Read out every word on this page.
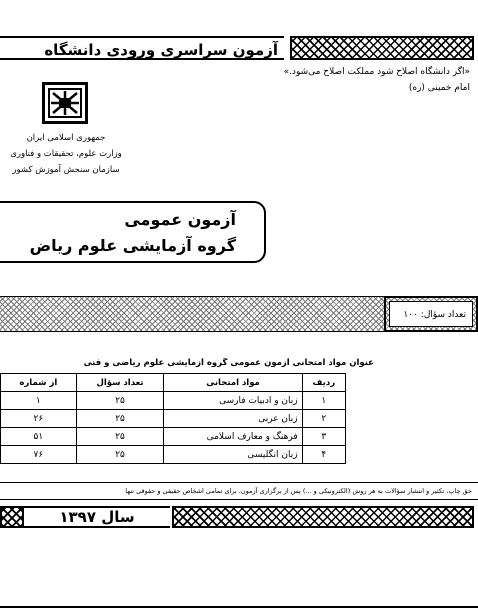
آزمون سراسری ورودی دانشگاه
«اگر دانشگاه اصلاح شود مملکت اصلاح می‌شود.»
امام خمینی (ره)
جمهوری اسلامی ایران
وزارت علوم، تحقیقات و فناوری
سازمان سنجش آموزش کشور
آزمون عمومی
گروه آزمایشی علوم ریاض
تعداد سؤال: ۱۰۰
عنوان مواد امتحانی آزمون عمومی گروه آزمایشی علوم ریاضی و فنی
ردیف	مواد امتحانی	تعداد سؤال	از شماره
۱	زبان و ادبیات فارسی	۲۵	۱
۲	زبان عربی	۲۵	۲۶
۳	فرهنگ و معارف اسلامی	۲۵	۵۱
۴	زبان انگلیسی	۲۵	۷۶
حق چاپ، تکثیر و انتشار سؤالات به هر روش (الکترونیکی و ...) پس از برگزاری آزمون، برای تمامی اشخاص حقیقی و حقوقی تنها
سال ۱۳۹۷
